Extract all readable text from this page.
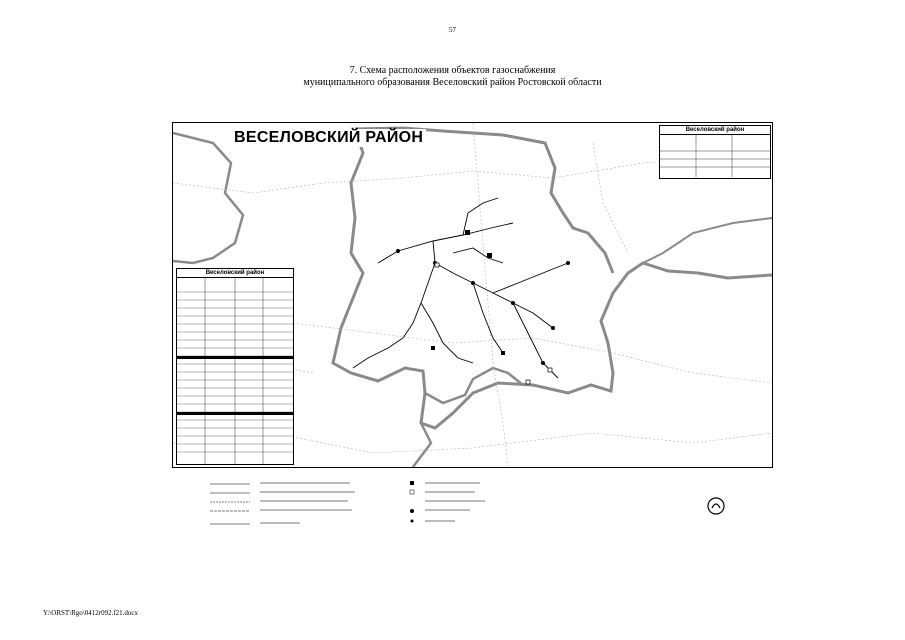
57
7. Схема расположения объектов газоснабжения
муниципального образования Веселовский район Ростовской области
ВЕСЕЛОВСКИЙ РАЙОН	Веселовский район
Веселовский район
Y:\ORST\Rgo\0412r092.f21.docx
